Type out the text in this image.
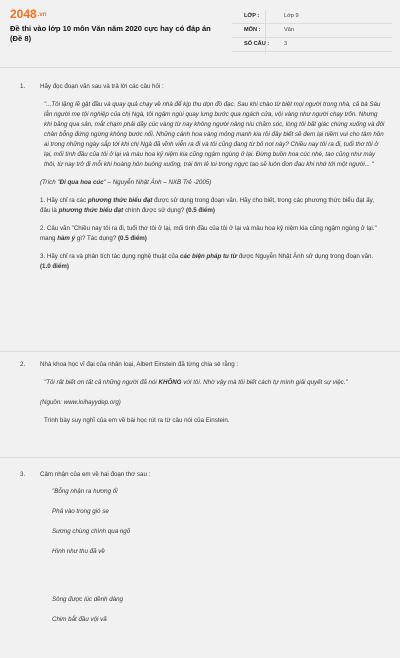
2048.vn
Đề thi vào lớp 10 môn Văn năm 2020 cực hay có đáp án (Đề 8)
LỚP :	Lớp 9
MÔN :	Văn
SỐ CÂU :	3
1. Hãy đọc đoạn văn sau và trả lời các câu hỏi :

"...Tôi lặng lẽ gật đầu và quay quả chạy về nhà để kịp thu dọn đồ đạc. Sau khi chào từ biệt mọi người trong nhà, cả bà Sáu lẫn người mẹ tội nghiệp của chị Ngà, tôi ngậm ngùi quay lưng bước qua ngách cửa, vội vàng như người chạy trốn. Nhưng khi băng qua sân, mắt chạm phải dãy cúc vàng từ nay không người nâng niu chăm sóc, lòng tôi bất giác chùng xuống và đôi chân bỗng đứng ngừng không bước nổi. Những cánh hoa vàng mỏng manh kia rồi đây biết sẽ đem lại niềm vui cho tâm hồn ai trong những ngày sắp tới khi chị Ngà đã vĩnh viễn ra đi và tôi cũng đang từ bỏ nơi này? Chiều nay tôi ra đi, tuổi thơ tôi ở lại, mối tình đầu của tôi ở lại và màu hoa kỷ niệm kia cũng ngậm ngùng ở lại. Đừng buồn hoa cúc nhé, tao cũng như mày thôi, từ nay trở đi mỗi khi hoàng hôn buông xuống, trái tim lẻ loi trong ngực tao sẽ luôn đơn đau khi nhớ tới một người... "

(Trích "Đi qua hoa cúc" – Nguyễn Nhật Ánh – NXB Trẻ -2005)

1. Hãy chỉ ra các phương thức biểu đạt được sử dụng trong đoạn văn. Hãy cho biết, trong các phương thức biểu đạt ấy, đâu là phương thức biểu đạt chính được sử dụng? (0.5 điểm)

2. Câu văn "Chiều nay tôi ra đi, tuổi thơ tôi ở lại, mối tình đầu của tôi ở lại và màu hoa kỷ niệm kia cũng ngậm ngùng ở lại." mang hàm ý gì? Tác dụng? (0.5 điểm)

3. Hãy chỉ ra và phân tích tác dụng nghệ thuật của các biện pháp tu từ được Nguyễn Nhật Ánh sử dụng trong đoạn văn. (1.0 điểm)

2. Nhà khoa học vĩ đại của nhân loại, Albert Einstein đã từng chia sẻ rằng :

"Tôi rất biết ơn tất cả những người đã nói KHÔNG với tôi. Nhờ vậy mà tôi biết cách tự mình giải quyết sự việc."

(Nguồn: www.loihayydep.org)

Trình bày suy nghĩ của em về bài học rút ra từ câu nói của Einstein.

3. Cảm nhận của em về hai đoạn thơ sau :

"Bỗng nhận ra hương ổi

Phả vào trong gió se

Sương chùng chình qua ngõ

Hình như thu đã về

Sông được lúc dềnh dàng

Chim bắt đầu vội vã
